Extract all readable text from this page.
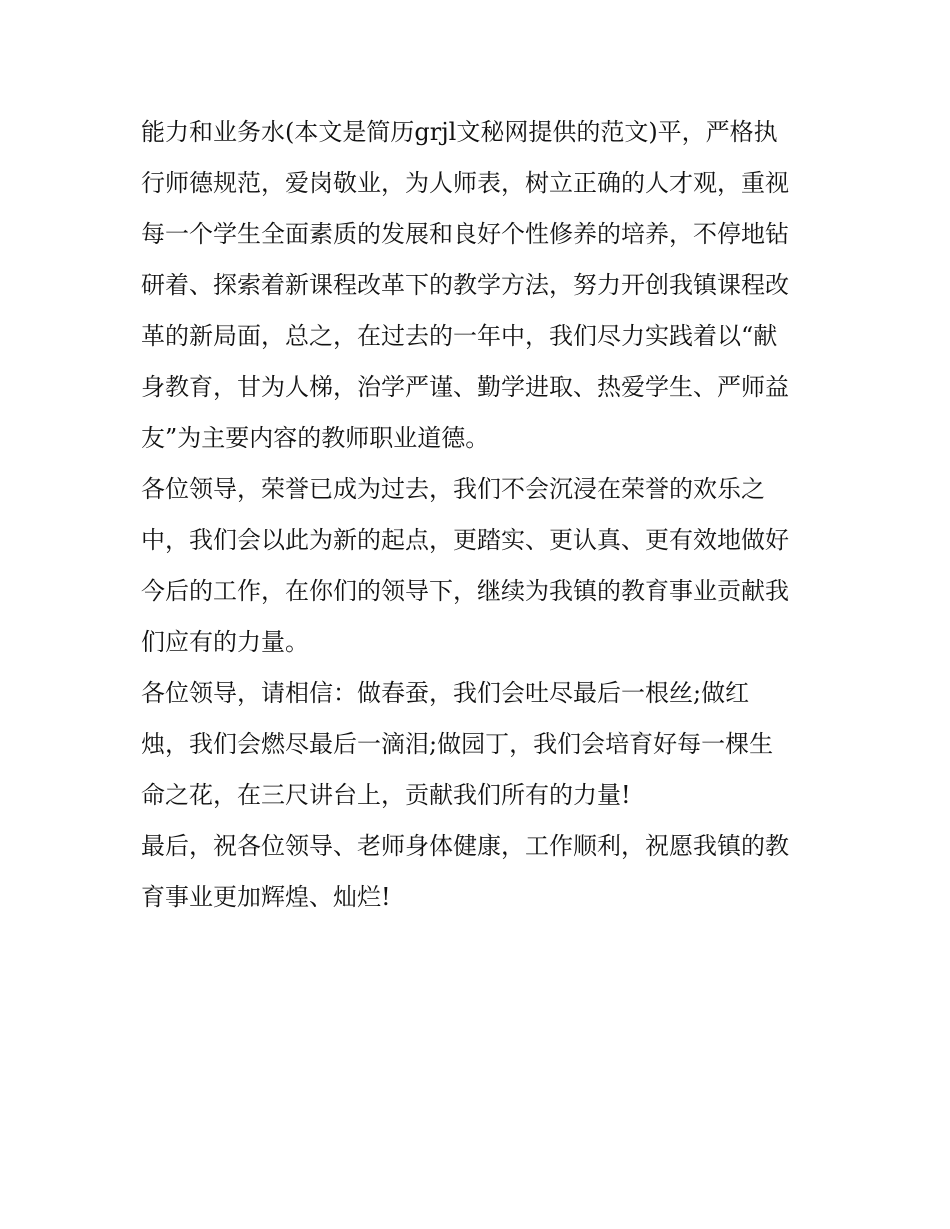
能力和业务水(本文是简历grjl文秘网提供的范文)平，严格执
行师德规范，爱岗敬业，为人师表，树立正确的人才观，重视
每一个学生全面素质的发展和良好个性修养的培养，不停地钻
研着、探索着新课程改革下的教学方法，努力开创我镇课程改
革的新局面，总之，在过去的一年中，我们尽力实践着以“献
身教育，甘为人梯，治学严谨、勤学进取、热爱学生、严师益
友”为主要内容的教师职业道德。
各位领导，荣誉已成为过去，我们不会沉浸在荣誉的欢乐之
中，我们会以此为新的起点，更踏实、更认真、更有效地做好
今后的工作，在你们的领导下，继续为我镇的教育事业贡献我
们应有的力量。
各位领导，请相信：做春蚕，我们会吐尽最后一根丝;做红
烛，我们会燃尽最后一滴泪;做园丁，我们会培育好每一棵生
命之花，在三尺讲台上，贡献我们所有的力量!
最后，祝各位领导、老师身体健康，工作顺利，祝愿我镇的教
育事业更加辉煌、灿烂!
